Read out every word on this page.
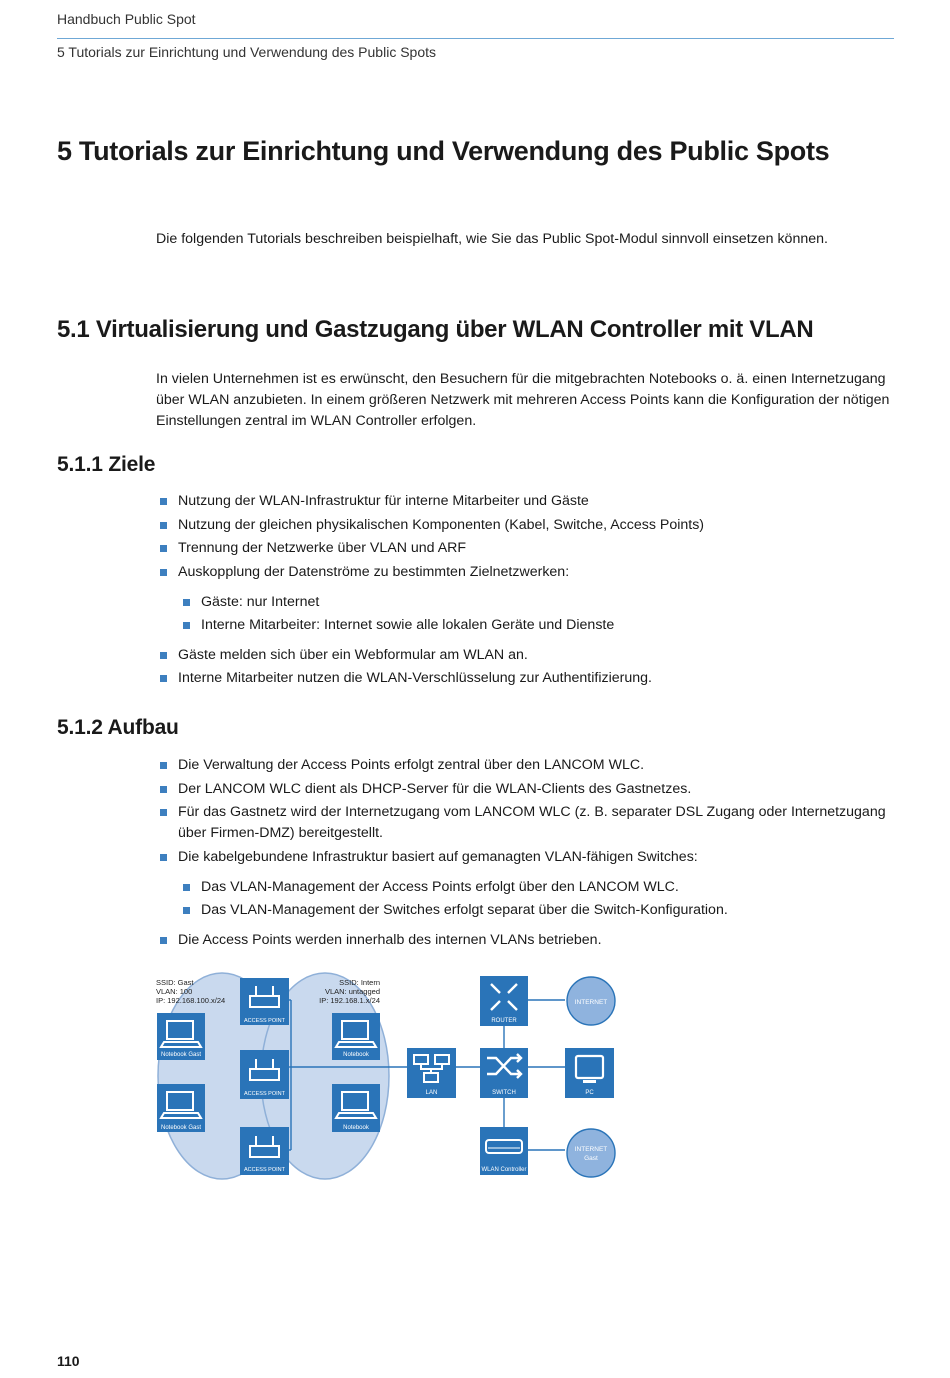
Handbuch Public Spot
5 Tutorials zur Einrichtung und Verwendung des Public Spots
5 Tutorials zur Einrichtung und Verwendung des Public Spots
Die folgenden Tutorials beschreiben beispielhaft, wie Sie das Public Spot-Modul sinnvoll einsetzen können.
5.1 Virtualisierung und Gastzugang über WLAN Controller mit VLAN
In vielen Unternehmen ist es erwünscht, den Besuchern für die mitgebrachten Notebooks o. ä. einen Internetzugang über WLAN anzubieten. In einem größeren Netzwerk mit mehreren Access Points kann die Konfiguration der nötigen Einstellungen zentral im WLAN Controller erfolgen.
5.1.1 Ziele
Nutzung der WLAN-Infrastruktur für interne Mitarbeiter und Gäste
Nutzung der gleichen physikalischen Komponenten (Kabel, Switche, Access Points)
Trennung der Netzwerke über VLAN und ARF
Auskopplung der Datenströme zu bestimmten Zielnetzwerken:
Gäste: nur Internet
Interne Mitarbeiter: Internet sowie alle lokalen Geräte und Dienste
Gäste melden sich über ein Webformular am WLAN an.
Interne Mitarbeiter nutzen die WLAN-Verschlüsselung zur Authentifizierung.
5.1.2 Aufbau
Die Verwaltung der Access Points erfolgt zentral über den LANCOM WLC.
Der LANCOM WLC dient als DHCP-Server für die WLAN-Clients des Gastnetzes.
Für das Gastnetz wird der Internetzugang vom LANCOM WLC (z. B. separater DSL Zugang oder Internetzugang über Firmen-DMZ) bereitgestellt.
Die kabelgebundene Infrastruktur basiert auf gemanagten VLAN-fähigen Switches:
Das VLAN-Management der Access Points erfolgt über den LANCOM WLC.
Das VLAN-Management der Switches erfolgt separat über die Switch-Konfiguration.
Die Access Points werden innerhalb des internen VLANs betrieben.
SSID: Gast
VLAN: 100
IP: 192.168.100.x/24
SSID: Intern
VLAN: untagged
IP: 192.168.1.x/24
ACCESS POINT
ACCESS POINT
ACCESS POINT
Notebook Gast
Notebook Gast
Notebook
Notebook
LAN
ROUTER
SWITCH	PC
WLAN Controller
INTERNET
INTERNET
Gast
110
